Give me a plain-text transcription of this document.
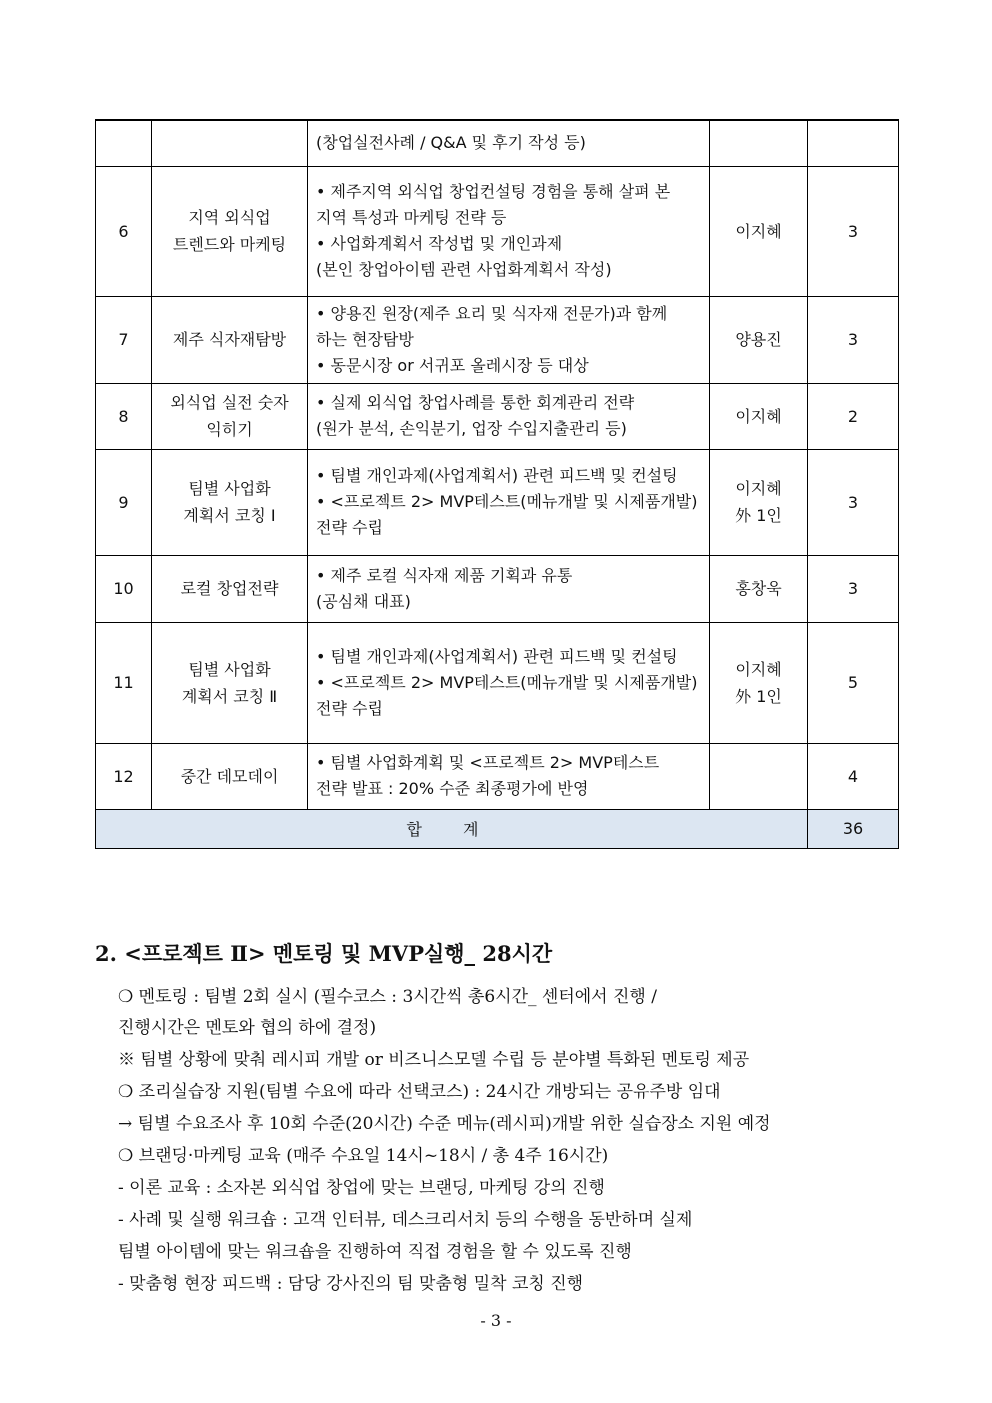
		(창업실전사례 / Q&A 및 후기 작성 등)		

6	지역 외식업
트렌드와 마케팅	• 제주지역 외식업 창업컨설팅 경험을 통해 살펴 본
지역 특성과 마케팅 전략 등
• 사업화계획서 작성법 및 개인과제
(본인 창업아이템 관련 사업화계획서 작성)	이지혜	3
7	제주 식자재탐방	• 양용진 원장(제주 요리 및 식자재 전문가)과 함께
하는 현장탐방
• 동문시장 or 서귀포 올레시장 등 대상	양용진	3
8	외식업 실전 숫자
익히기	• 실제 외식업 창업사례를 통한 회계관리 전략
(원가 분석, 손익분기, 업장 수입지출관리 등)	이지혜	2
9	팀별 사업화
계획서 코칭 Ⅰ	• 팀별 개인과제(사업계획서) 관련 피드백 및 컨설팅
• <프로젝트 2> MVP테스트(메뉴개발 및 시제품개발)
전략 수립	이지혜
外 1인	3
10	로컬 창업전략	• 제주 로컬 식자재 제품 기획과 유통
(공심채 대표)	홍창욱	3
11	팀별 사업화
계획서 코칭 Ⅱ	• 팀별 개인과제(사업계획서) 관련 피드백 및 컨설팅
• <프로젝트 2> MVP테스트(메뉴개발 및 시제품개발)
전략 수립	이지혜
外 1인	5
12	중간 데모데이	• 팀별 사업화계획 및 <프로젝트 2> MVP테스트
전략 발표 : 20% 수준 최종평가에 반영		4
합 계				36
2. <프로젝트 Ⅱ> 멘토링 및 MVP실행_ 28시간
❍ 멘토링 : 팀별 2회 실시 (필수코스 : 3시간씩 총6시간_ 센터에서 진행 /
진행시간은 멘토와 협의 하에 결정)
※ 팀별 상황에 맞춰 레시피 개발 or 비즈니스모델 수립 등 분야별 특화된 멘토링 제공
❍ 조리실습장 지원(팀별 수요에 따라 선택코스) : 24시간 개방되는 공유주방 임대
→ 팀별 수요조사 후 10회 수준(20시간) 수준 메뉴(레시피)개발 위한 실습장소 지원 예정
❍ 브랜딩·마케팅 교육 (매주 수요일 14시~18시 / 총 4주 16시간)
- 이론 교육 : 소자본 외식업 창업에 맞는 브랜딩, 마케팅 강의 진행
- 사례 및 실행 워크숍 : 고객 인터뷰, 데스크리서치 등의 수행을 동반하며 실제
팀별 아이템에 맞는 워크숍을 진행하여 직접 경험을 할 수 있도록 진행
- 맞춤형 현장 피드백 : 담당 강사진의 팀 맞춤형 밀착 코칭 진행
- 3 -
